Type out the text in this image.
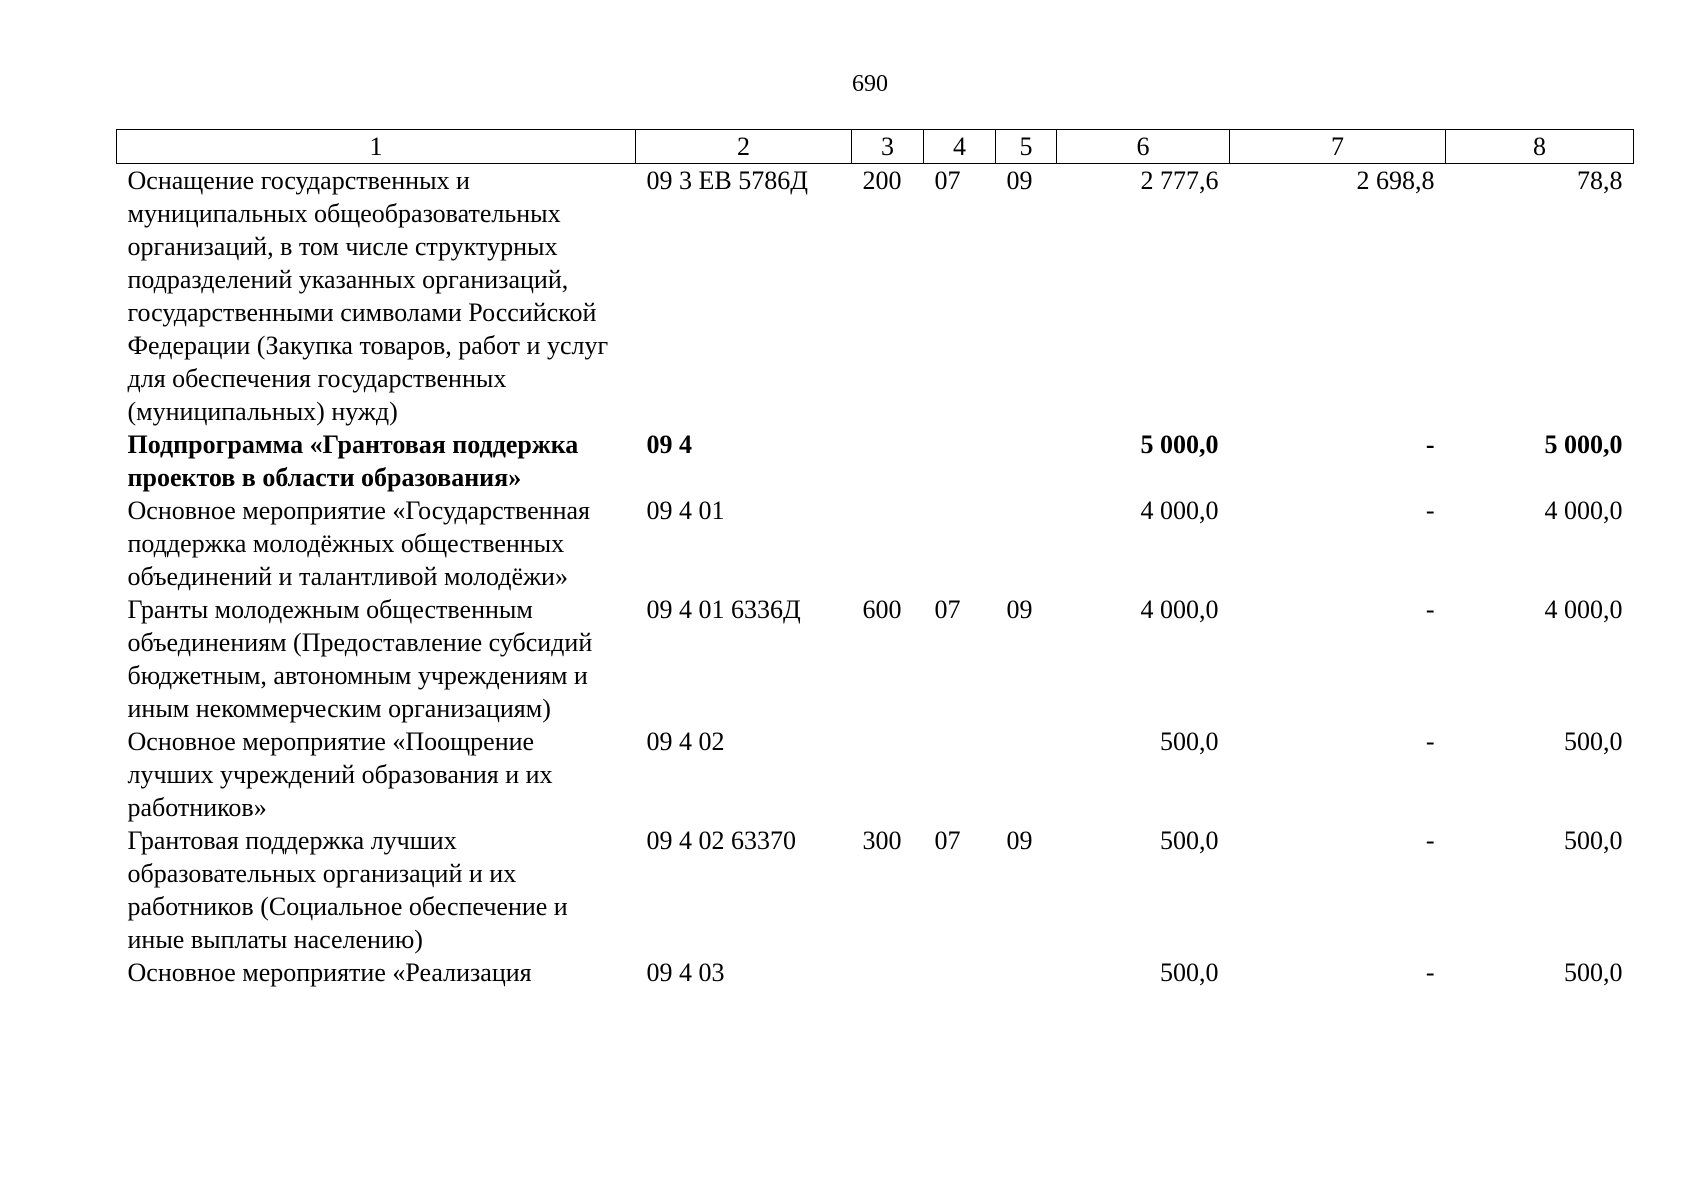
690
1	2	3	4	5	6	7	8
Оснащение государственных и муниципальных общеобразовательных организаций, в том числе структурных подразделений указанных организаций, государственными символами Российской Федерации (Закупка товаров, работ и услуг для обеспечения государственных (муниципальных) нужд)	09 3 ЕВ 5786Д	200	07	09	2 777,6	2 698,8	78,8
Подпрограмма «Грантовая поддержка проектов в области образования»	09 4				5 000,0	-	5 000,0
Основное мероприятие «Государственная поддержка молодёжных общественных объединений и талантливой молодёжи»	09 4 01				4 000,0	-	4 000,0
Гранты молодежным общественным объединениям (Предоставление субсидий бюджетным, автономным учреждениям и иным некоммерческим организациям)	09 4 01 6336Д	600	07	09	4 000,0	-	4 000,0
Основное мероприятие «Поощрение лучших учреждений образования и их работников»	09 4 02				500,0	-	500,0
Грантовая поддержка лучших образовательных организаций и их работников (Социальное обеспечение и иные выплаты населению)	09 4 02 63370	300	07	09	500,0	-	500,0
Основное мероприятие «Реализация	09 4 03				500,0	-	500,0
